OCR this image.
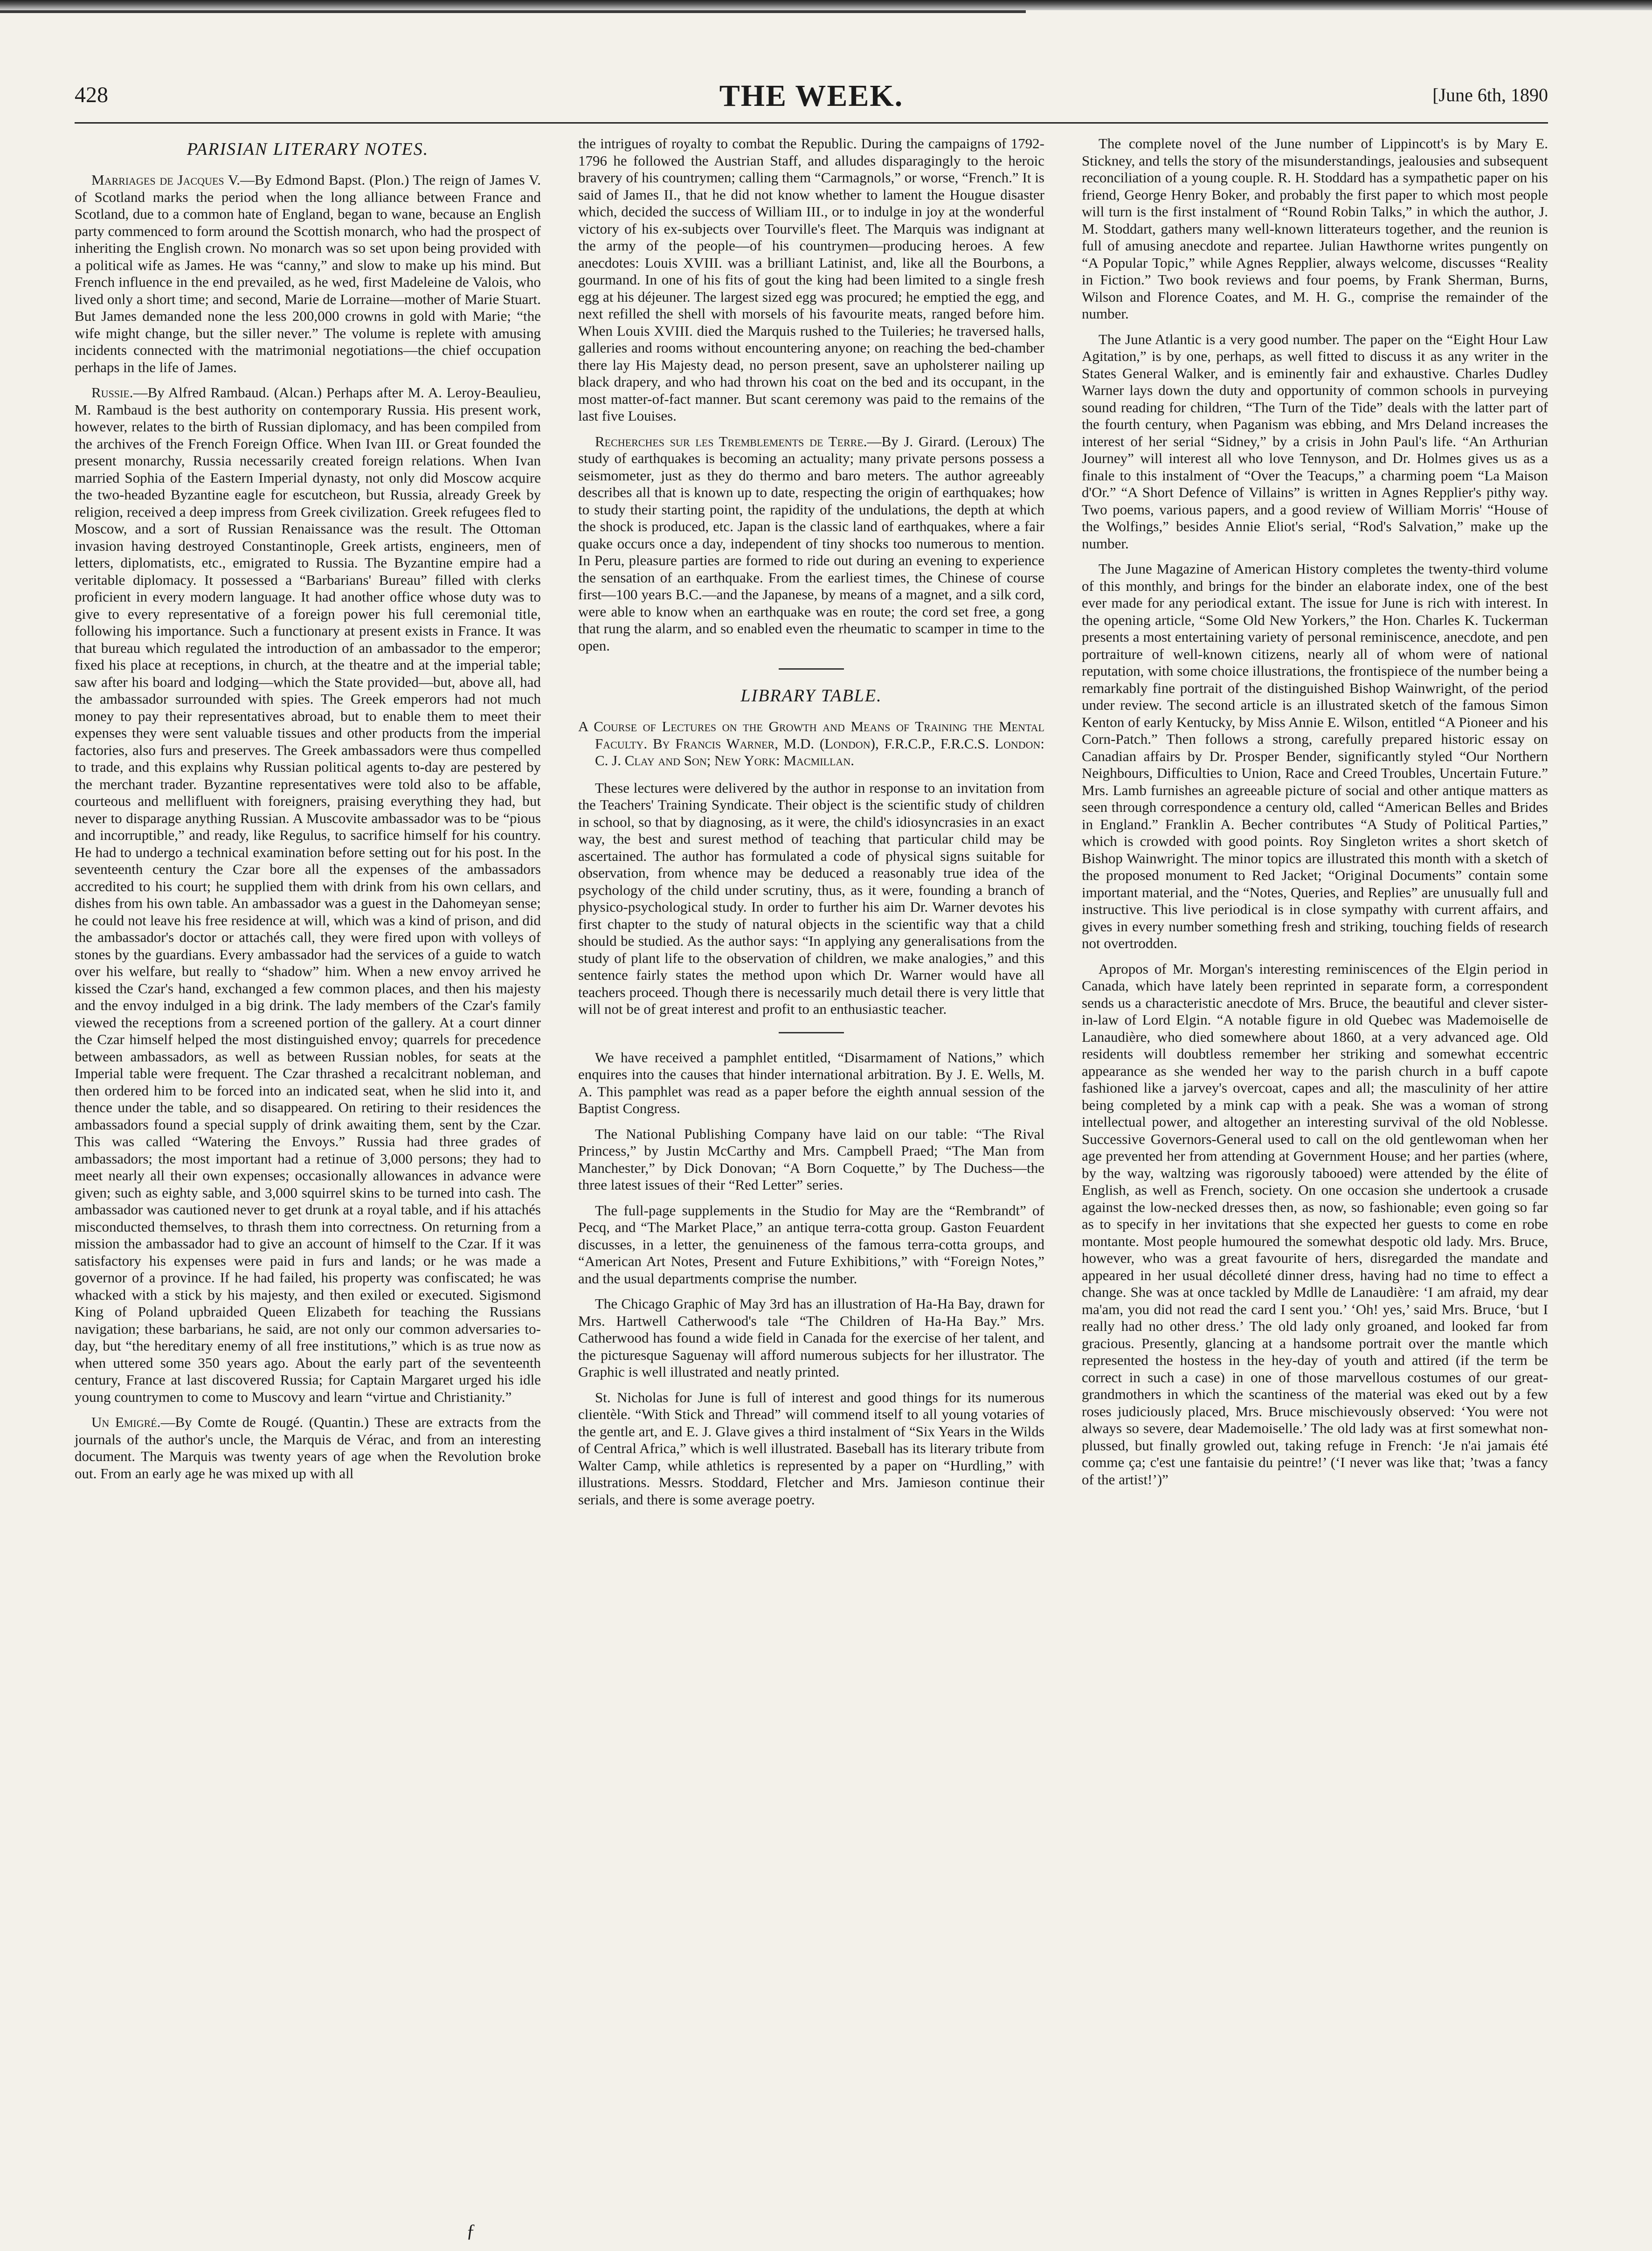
428	THE WEEK.	[June 6th, 1890
PARISIAN LITERARY NOTES.

Marriages de Jacques V.—By Edmond Bapst. (Plon.) The reign of James V. of Scotland marks the period when the long alliance between France and Scotland, due to a common hate of England, began to wane, because an English party commenced to form around the Scottish monarch, who had the prospect of inheriting the English crown. No monarch was so set upon being provided with a political wife as James. He was “canny,” and slow to make up his mind. But French influence in the end prevailed, as he wed, first Madeleine de Valois, who lived only a short time; and second, Marie de Lorraine—mother of Marie Stuart. But James demanded none the less 200,000 crowns in gold with Marie; “the wife might change, but the siller never.” The volume is replete with amusing incidents connected with the matrimonial negotiations—the chief occupation perhaps in the life of James.

Russie.—By Alfred Rambaud. (Alcan.) Perhaps after M. A. Leroy-Beaulieu, M. Rambaud is the best authority on contemporary Russia. His present work, however, relates to the birth of Russian diplomacy, and has been compiled from the archives of the French Foreign Office. When Ivan III. or Great founded the present monarchy, Russia necessarily created foreign relations. When Ivan married Sophia of the Eastern Imperial dynasty, not only did Moscow acquire the two-headed Byzantine eagle for escutcheon, but Russia, already Greek by religion, received a deep impress from Greek civilization. Greek refugees fled to Moscow, and a sort of Russian Renaissance was the result. The Ottoman invasion having destroyed Constantinople, Greek artists, engineers, men of letters, diplomatists, etc., emigrated to Russia. The Byzantine empire had a veritable diplomacy. It possessed a “Barbarians' Bureau” filled with clerks proficient in every modern language. It had another office whose duty was to give to every representative of a foreign power his full ceremonial title, following his importance. Such a functionary at present exists in France. It was that bureau which regulated the introduction of an ambassador to the emperor; fixed his place at receptions, in church, at the theatre and at the imperial table; saw after his board and lodging—which the State provided—but, above all, had the ambassador surrounded with spies. The Greek emperors had not much money to pay their representatives abroad, but to enable them to meet their expenses they were sent valuable tissues and other products from the imperial factories, also furs and preserves. The Greek ambassadors were thus compelled to trade, and this explains why Russian political agents to-day are pestered by the merchant trader. Byzantine representatives were told also to be affable, courteous and mellifluent with foreigners, praising everything they had, but never to disparage anything Russian. A Muscovite ambassador was to be “pious and incorruptible,” and ready, like Regulus, to sacrifice himself for his country. He had to undergo a technical examination before setting out for his post. In the seventeenth century the Czar bore all the expenses of the ambassadors accredited to his court; he supplied them with drink from his own cellars, and dishes from his own table. An ambassador was a guest in the Dahomeyan sense; he could not leave his free residence at will, which was a kind of prison, and did the ambassador's doctor or attachés call, they were fired upon with volleys of stones by the guardians. Every ambassador had the services of a guide to watch over his welfare, but really to “shadow” him. When a new envoy arrived he kissed the Czar's hand, exchanged a few common places, and then his majesty and the envoy indulged in a big drink. The lady members of the Czar's family viewed the receptions from a screened portion of the gallery. At a court dinner the Czar himself helped the most distinguished envoy; quarrels for precedence between ambassadors, as well as between Russian nobles, for seats at the Imperial table were frequent. The Czar thrashed a recalcitrant nobleman, and then ordered him to be forced into an indicated seat, when he slid into it, and thence under the table, and so disappeared. On retiring to their residences the ambassadors found a special supply of drink awaiting them, sent by the Czar. This was called “Watering the Envoys.” Russia had three grades of ambassadors; the most important had a retinue of 3,000 persons; they had to meet nearly all their own expenses; occasionally allowances in advance were given; such as eighty sable, and 3,000 squirrel skins to be turned into cash. The ambassador was cautioned never to get drunk at a royal table, and if his attachés misconducted themselves, to thrash them into correctness. On returning from a mission the ambassador had to give an account of himself to the Czar. If it was satisfactory his expenses were paid in furs and lands; or he was made a governor of a province. If he had failed, his property was confiscated; he was whacked with a stick by his majesty, and then exiled or executed. Sigismond King of Poland upbraided Queen Elizabeth for teaching the Russians navigation; these barbarians, he said, are not only our common adversaries to-day, but “the hereditary enemy of all free institutions,” which is as true now as when uttered some 350 years ago. About the early part of the seventeenth century, France at last discovered Russia; for Captain Margaret urged his idle young countrymen to come to Muscovy and learn “virtue and Christianity.”

Un Emigré.—By Comte de Rougé. (Quantin.) These are extracts from the journals of the author's uncle, the Marquis de Vérac, and from an interesting document. The Marquis was twenty years of age when the Revolution broke out. From an early age he was mixed up with all

the intrigues of royalty to combat the Republic. During the campaigns of 1792-1796 he followed the Austrian Staff, and alludes disparagingly to the heroic bravery of his countrymen; calling them “Carmagnols,” or worse, “French.” It is said of James II., that he did not know whether to lament the Hougue disaster which, decided the success of William III., or to indulge in joy at the wonderful victory of his ex-subjects over Tourville's fleet. The Marquis was indignant at the army of the people—of his countrymen—producing heroes. A few anecdotes: Louis XVIII. was a brilliant Latinist, and, like all the Bourbons, a gourmand. In one of his fits of gout the king had been limited to a single fresh egg at his déjeuner. The largest sized egg was procured; he emptied the egg, and next refilled the shell with morsels of his favourite meats, ranged before him. When Louis XVIII. died the Marquis rushed to the Tuileries; he traversed halls, galleries and rooms without encountering anyone; on reaching the bed-chamber there lay His Majesty dead, no person present, save an upholsterer nailing up black drapery, and who had thrown his coat on the bed and its occupant, in the most matter-of-fact manner. But scant ceremony was paid to the remains of the last five Louises.

Recherches sur les Tremblements de Terre.—By J. Girard. (Leroux) The study of earthquakes is becoming an actuality; many private persons possess a seismometer, just as they do thermo and baro meters. The author agreeably describes all that is known up to date, respecting the origin of earthquakes; how to study their starting point, the rapidity of the undulations, the depth at which the shock is produced, etc. Japan is the classic land of earthquakes, where a fair quake occurs once a day, independent of tiny shocks too numerous to mention. In Peru, pleasure parties are formed to ride out during an evening to experience the sensation of an earthquake. From the earliest times, the Chinese of course first—100 years B.C.—and the Japanese, by means of a magnet, and a silk cord, were able to know when an earthquake was en route; the cord set free, a gong that rung the alarm, and so enabled even the rheumatic to scamper in time to the open.

LIBRARY TABLE.

A Course of Lectures on the Growth and Means of Training the Mental Faculty. By Francis Warner, M.D. (London), F.R.C.P., F.R.C.S. London: C. J. Clay and Son; New York: Macmillan.

These lectures were delivered by the author in response to an invitation from the Teachers' Training Syndicate. Their object is the scientific study of children in school, so that by diagnosing, as it were, the child's idiosyncrasies in an exact way, the best and surest method of teaching that particular child may be ascertained. The author has formulated a code of physical signs suitable for observation, from whence may be deduced a reasonably true idea of the psychology of the child under scrutiny, thus, as it were, founding a branch of physico-psychological study. In order to further his aim Dr. Warner devotes his first chapter to the study of natural objects in the scientific way that a child should be studied. As the author says: “In applying any generalisations from the study of plant life to the observation of children, we make analogies,” and this sentence fairly states the method upon which Dr. Warner would have all teachers proceed. Though there is necessarily much detail there is very little that will not be of great interest and profit to an enthusiastic teacher.

We have received a pamphlet entitled, “Disarmament of Nations,” which enquires into the causes that hinder international arbitration. By J. E. Wells, M. A. This pamphlet was read as a paper before the eighth annual session of the Baptist Congress.

The National Publishing Company have laid on our table: “The Rival Princess,” by Justin McCarthy and Mrs. Campbell Praed; “The Man from Manchester,” by Dick Donovan; “A Born Coquette,” by The Duchess—the three latest issues of their “Red Letter” series.

The full-page supplements in the Studio for May are the “Rembrandt” of Pecq, and “The Market Place,” an antique terra-cotta group. Gaston Feuardent discusses, in a letter, the genuineness of the famous terra-cotta groups, and “American Art Notes, Present and Future Exhibitions,” with “Foreign Notes,” and the usual departments comprise the number.

The Chicago Graphic of May 3rd has an illustration of Ha-Ha Bay, drawn for Mrs. Hartwell Catherwood's tale “The Children of Ha-Ha Bay.” Mrs. Catherwood has found a wide field in Canada for the exercise of her talent, and the picturesque Saguenay will afford numerous subjects for her illustrator. The Graphic is well illustrated and neatly printed.

St. Nicholas for June is full of interest and good things for its numerous clientèle. “With Stick and Thread” will commend itself to all young votaries of the gentle art, and E. J. Glave gives a third instalment of “Six Years in the Wilds of Central Africa,” which is well illustrated. Baseball has its literary tribute from Walter Camp, while athletics is represented by a paper on “Hurdling,” with illustrations. Messrs. Stoddard, Fletcher and Mrs. Jamieson continue their serials, and there is some average poetry.

The complete novel of the June number of Lippincott's is by Mary E. Stickney, and tells the story of the misunderstandings, jealousies and subsequent reconciliation of a young couple. R. H. Stoddard has a sympathetic paper on his friend, George Henry Boker, and probably the first paper to which most people will turn is the first instalment of “Round Robin Talks,” in which the author, J. M. Stoddart, gathers many well-known litterateurs together, and the reunion is full of amusing anecdote and repartee. Julian Hawthorne writes pungently on “A Popular Topic,” while Agnes Repplier, always welcome, discusses “Reality in Fiction.” Two book reviews and four poems, by Frank Sherman, Burns, Wilson and Florence Coates, and M. H. G., comprise the remainder of the number.

The June Atlantic is a very good number. The paper on the “Eight Hour Law Agitation,” is by one, perhaps, as well fitted to discuss it as any writer in the States General Walker, and is eminently fair and exhaustive. Charles Dudley Warner lays down the duty and opportunity of common schools in purveying sound reading for children, “The Turn of the Tide” deals with the latter part of the fourth century, when Paganism was ebbing, and Mrs Deland increases the interest of her serial “Sidney,” by a crisis in John Paul's life. “An Arthurian Journey” will interest all who love Tennyson, and Dr. Holmes gives us as a finale to this instalment of “Over the Teacups,” a charming poem “La Maison d'Or.” “A Short Defence of Villains” is written in Agnes Repplier's pithy way. Two poems, various papers, and a good review of William Morris' “House of the Wolfings,” besides Annie Eliot's serial, “Rod's Salvation,” make up the number.

The June Magazine of American History completes the twenty-third volume of this monthly, and brings for the binder an elaborate index, one of the best ever made for any periodical extant. The issue for June is rich with interest. In the opening article, “Some Old New Yorkers,” the Hon. Charles K. Tuckerman presents a most entertaining variety of personal reminiscence, anecdote, and pen portraiture of well-known citizens, nearly all of whom were of national reputation, with some choice illustrations, the frontispiece of the number being a remarkably fine portrait of the distinguished Bishop Wainwright, of the period under review. The second article is an illustrated sketch of the famous Simon Kenton of early Kentucky, by Miss Annie E. Wilson, entitled “A Pioneer and his Corn-Patch.” Then follows a strong, carefully prepared historic essay on Canadian affairs by Dr. Prosper Bender, significantly styled “Our Northern Neighbours, Difficulties to Union, Race and Creed Troubles, Uncertain Future.” Mrs. Lamb furnishes an agreeable picture of social and other antique matters as seen through correspondence a century old, called “American Belles and Brides in England.” Franklin A. Becher contributes “A Study of Political Parties,” which is crowded with good points. Roy Singleton writes a short sketch of Bishop Wainwright. The minor topics are illustrated this month with a sketch of the proposed monument to Red Jacket; “Original Documents” contain some important material, and the “Notes, Queries, and Replies” are unusually full and instructive. This live periodical is in close sympathy with current affairs, and gives in every number something fresh and striking, touching fields of research not overtrodden.

Apropos of Mr. Morgan's interesting reminiscences of the Elgin period in Canada, which have lately been reprinted in separate form, a correspondent sends us a characteristic anecdote of Mrs. Bruce, the beautiful and clever sister-in-law of Lord Elgin. “A notable figure in old Quebec was Mademoiselle de Lanaudière, who died somewhere about 1860, at a very advanced age. Old residents will doubtless remember her striking and somewhat eccentric appearance as she wended her way to the parish church in a buff capote fashioned like a jarvey's overcoat, capes and all; the masculinity of her attire being completed by a mink cap with a peak. She was a woman of strong intellectual power, and altogether an interesting survival of the old Noblesse. Successive Governors-General used to call on the old gentlewoman when her age prevented her from attending at Government House; and her parties (where, by the way, waltzing was rigorously tabooed) were attended by the élite of English, as well as French, society. On one occasion she undertook a crusade against the low-necked dresses then, as now, so fashionable; even going so far as to specify in her invitations that she expected her guests to come en robe montante. Most people humoured the somewhat despotic old lady. Mrs. Bruce, however, who was a great favourite of hers, disregarded the mandate and appeared in her usual décolleté dinner dress, having had no time to effect a change. She was at once tackled by Mdlle de Lanaudière: ‘I am afraid, my dear ma'am, you did not read the card I sent you.’ ‘Oh! yes,’ said Mrs. Bruce, ‘but I really had no other dress.’ The old lady only groaned, and looked far from gracious. Presently, glancing at a handsome portrait over the mantle which represented the hostess in the hey-day of youth and attired (if the term be correct in such a case) in one of those marvellous costumes of our great-grandmothers in which the scantiness of the material was eked out by a few roses judiciously placed, Mrs. Bruce mischievously observed: ‘You were not always so severe, dear Mademoiselle.’ The old lady was at first somewhat non-plussed, but finally growled out, taking refuge in French: ‘Je n'ai jamais été comme ça; c'est une fantaisie du peintre!’ (‘I never was like that; ’twas a fancy of the artist!’)”

ƒ
